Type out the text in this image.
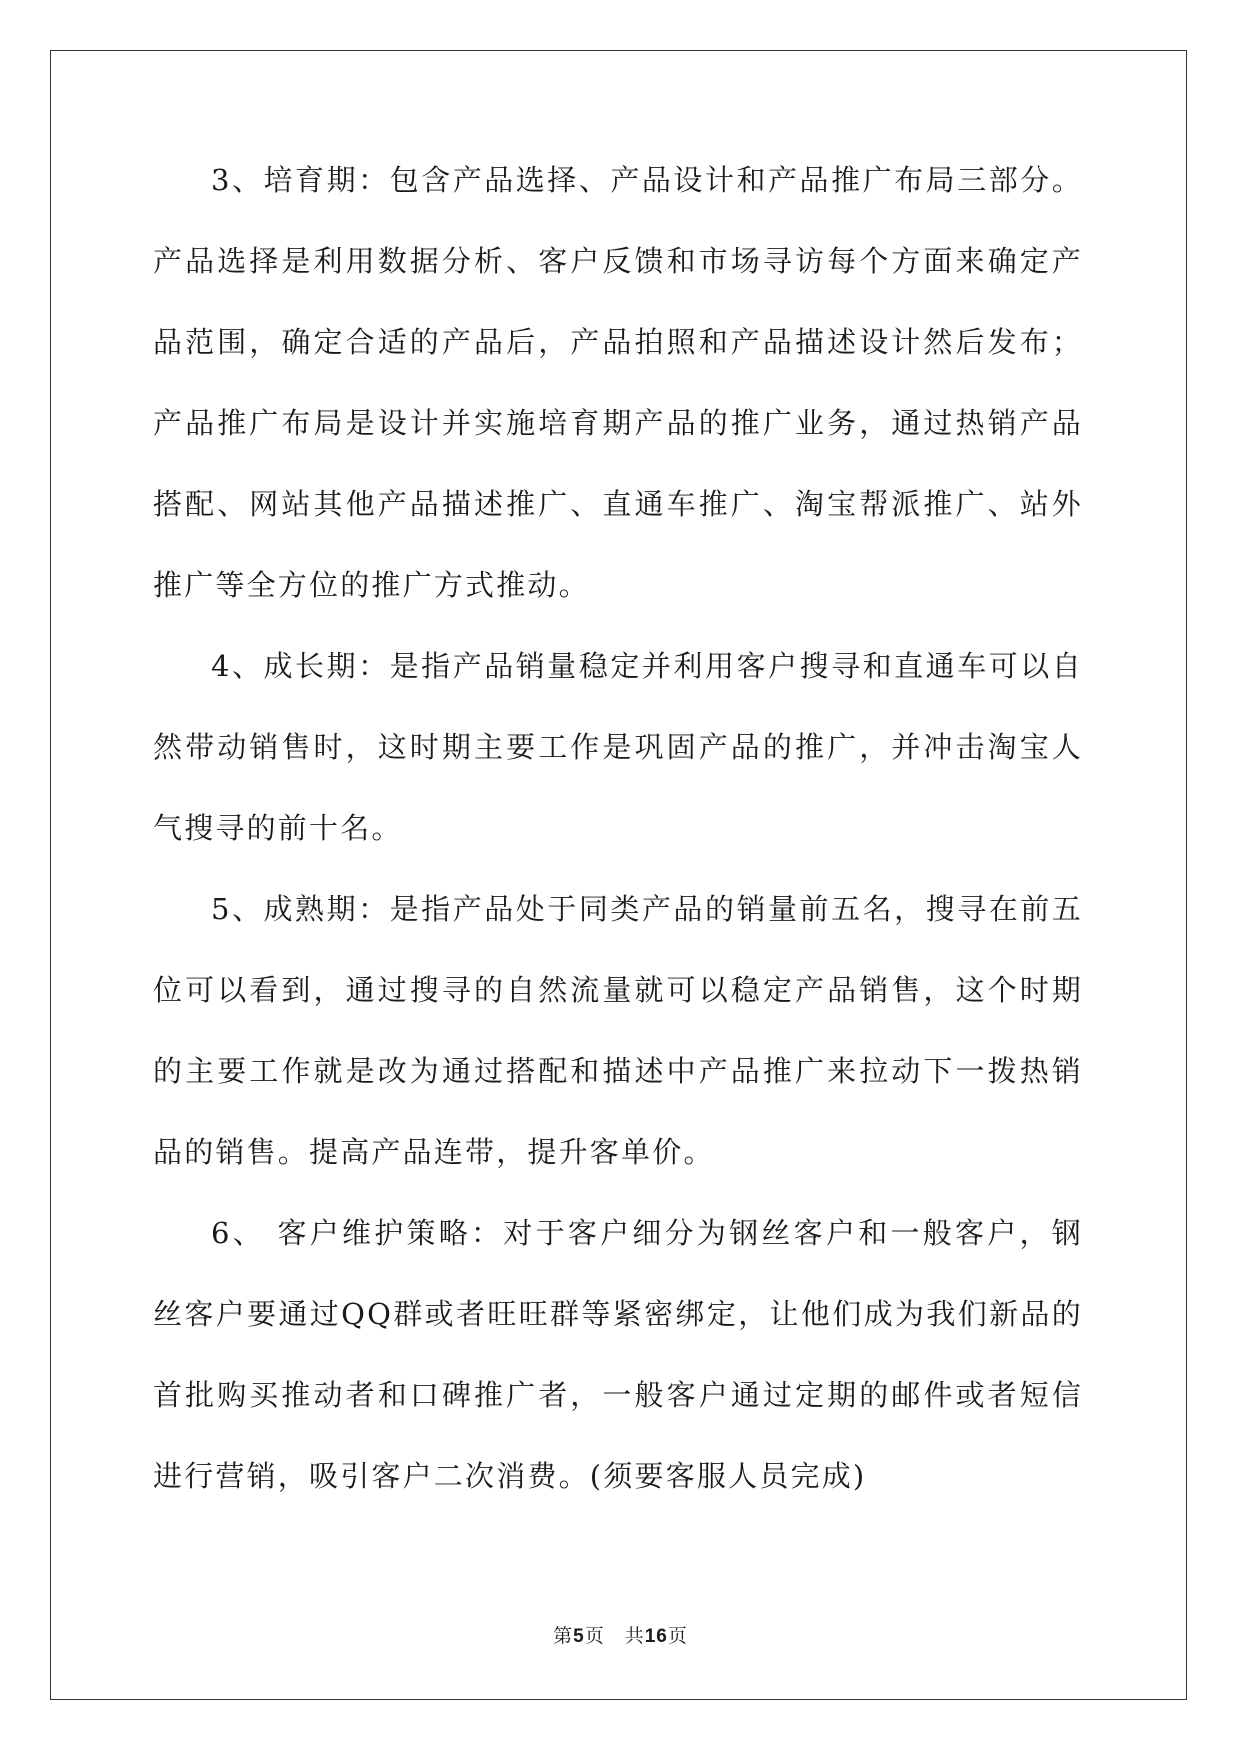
3、培育期：包含产品选择、产品设计和产品推广布局三部分。产品选择是利用数据分析、客户反馈和市场寻访每个方面来确定产品范围，确定合适的产品后，产品拍照和产品描述设计然后发布；产品推广布局是设计并实施培育期产品的推广业务，通过热销产品搭配、网站其他产品描述推广、直通车推广、淘宝帮派推广、站外推广等全方位的推广方式推动。

4、成长期：是指产品销量稳定并利用客户搜寻和直通车可以自然带动销售时，这时期主要工作是巩固产品的推广，并冲击淘宝人气搜寻的前十名。

5、成熟期：是指产品处于同类产品的销量前五名，搜寻在前五位可以看到，通过搜寻的自然流量就可以稳定产品销售，这个时期的主要工作就是改为通过搭配和描述中产品推广来拉动下一拨热销品的销售。提高产品连带，提升客单价。

6、 客户维护策略：对于客户细分为钢丝客户和一般客户，钢丝客户要通过QQ群或者旺旺群等紧密绑定，让他们成为我们新品的首批购买推动者和口碑推广者，一般客户通过定期的邮件或者短信进行营销，吸引客户二次消费。(须要客服人员完成)

第5页　 共16页
